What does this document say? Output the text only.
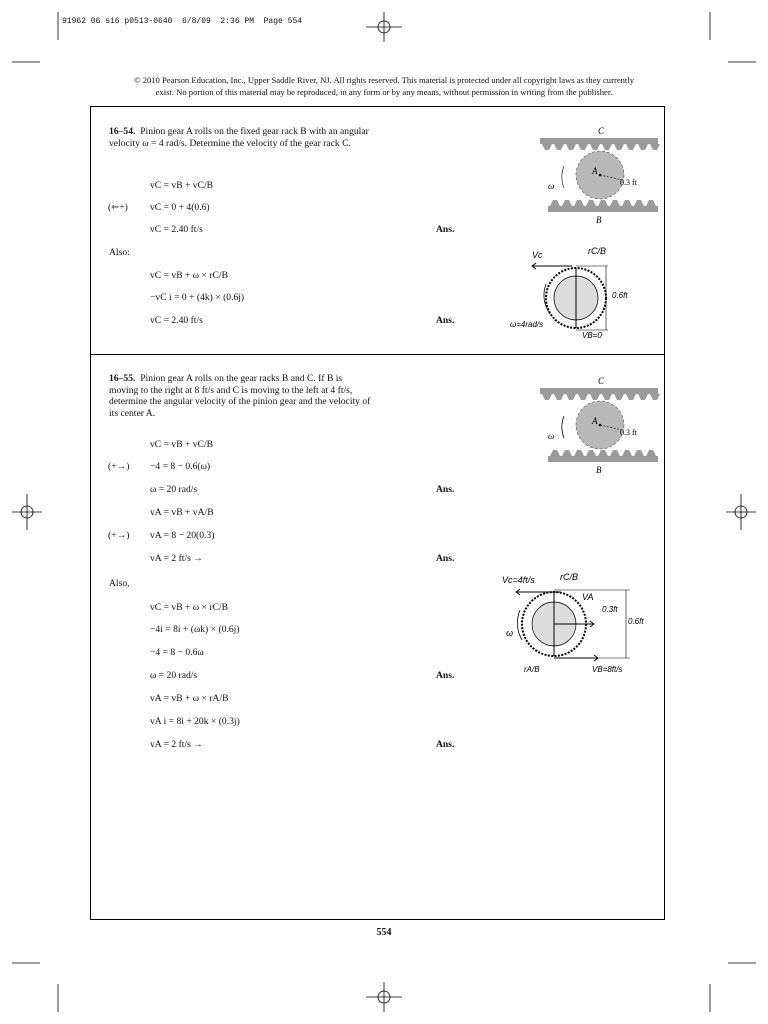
91962 06 s16 p0513-0640  6/8/09  2:36 PM  Page 554
© 2010 Pearson Education, Inc., Upper Saddle River, NJ. All rights reserved. This material is protected under all copyright laws as they currently
exist. No portion of this material may be reproduced, in any form or by any means, without permission in writing from the publisher.
16–54. Pinion gear A rolls on the fixed gear rack B with an angular velocity ω = 4 rad/s. Determine the velocity of the gear rack C.
vC = vB + vC/B
(⇽+) vC = 0 + 4(0.6)
vC = 2.40 ft/s	Ans.
Also:
vC = vB + ω × rC/B
−vC i = 0 + (4k) × (0.6j)
vC = 2.40 ft/s	Ans.
C
A
0.3 ft
ω
B
Vc	rC/B
0.6ft
ω=4rad/s
VB=0
16–55. Pinion gear A rolls on the gear racks B and C. If B is moving to the right at 8 ft/s and C is moving to the left at 4 ft/s, determine the angular velocity of the pinion gear and the velocity of its center A.
vC = vB + vC/B
(+→) −4 = 8 − 0.6(ω)
ω = 20 rad/s	Ans.
vA = vB + vA/B
(+→) vA = 8 − 20(0.3)
vA = 2 ft/s →	Ans.
Also,
vC = vB + ω × rC/B
−4i = 8i + (ωk) × (0.6j)
−4 = 8 − 0.6ω
ω = 20 rad/s	Ans.
vA = vB + ω × rA/B
vA i = 8i + 20k × (0.3j)
vA = 2 ft/s →	Ans.
C
A
0.3 ft
ω
B
Vc=4ft/s	rC/B
VA
0.3ft
0.6ft
ω
rA/B	VB=8ft/s
554
